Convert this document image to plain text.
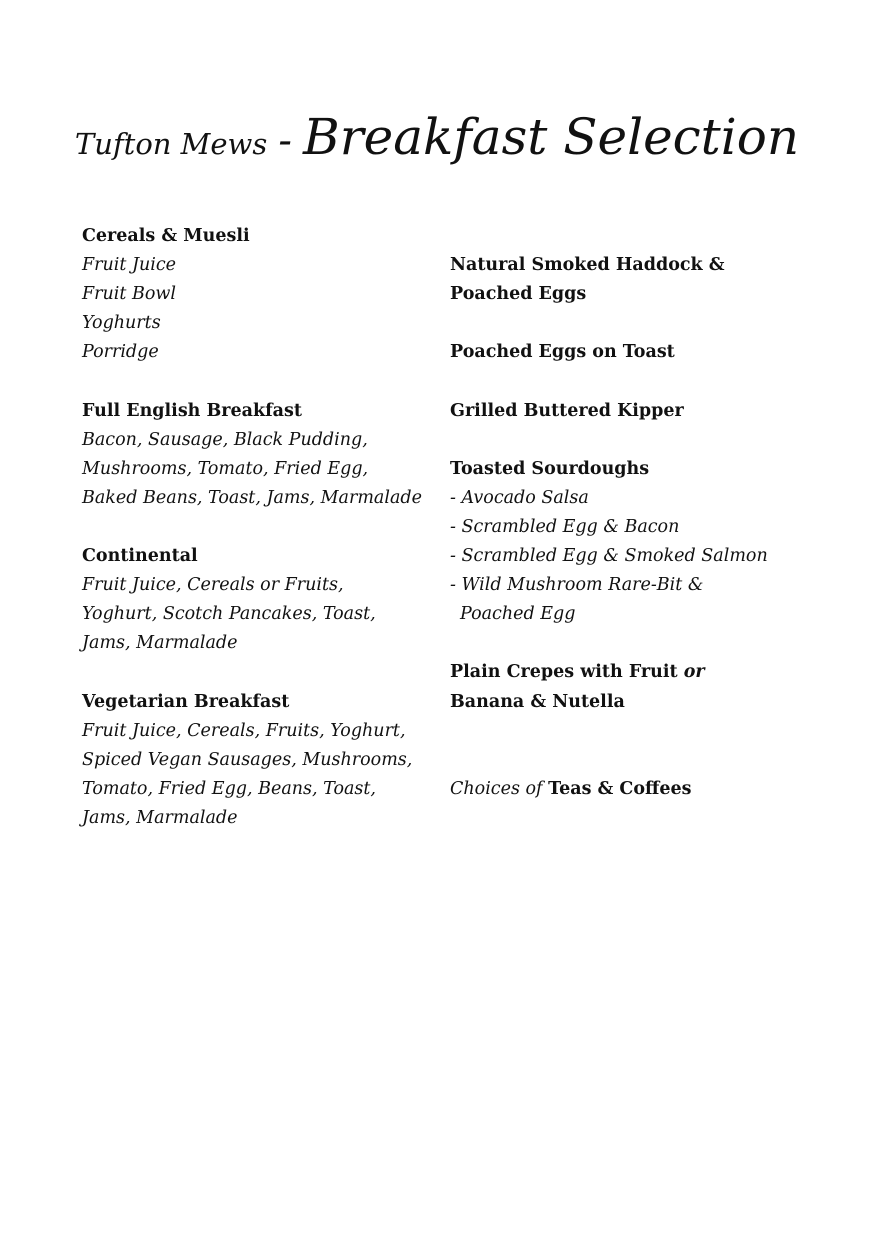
Tufton Mews - Breakfast Selection
Cereals & Muesli
Fruit Juice
Fruit Bowl
Yoghurts
Porridge
Full English Breakfast
Bacon, Sausage, Black Pudding,
Mushrooms, Tomato, Fried Egg,
Baked Beans, Toast, Jams, Marmalade
Continental
Fruit Juice, Cereals or Fruits,
Yoghurt, Scotch Pancakes, Toast,
Jams, Marmalade
Vegetarian Breakfast
Fruit Juice, Cereals, Fruits, Yoghurt,
Spiced Vegan Sausages, Mushrooms,
Tomato, Fried Egg, Beans, Toast,
Jams, Marmalade
Natural Smoked Haddock &
Poached Eggs
Poached Eggs on Toast
Grilled Buttered Kipper
Toasted Sourdoughs
- Avocado Salsa
- Scrambled Egg & Bacon
- Scrambled Egg & Smoked Salmon
- Wild Mushroom Rare-Bit &
Poached Egg
Plain Crepes with Fruit or
Banana & Nutella
Choices of Teas & Coffees
